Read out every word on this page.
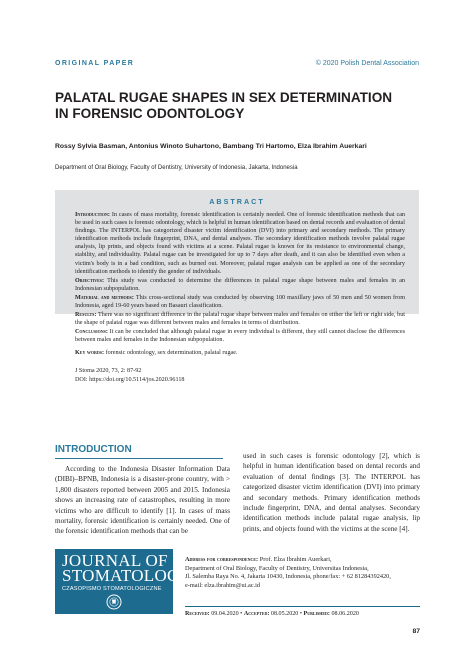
ORIGINAL PAPER	© 2020 Polish Dental Association
PALATAL RUGAE SHAPES IN SEX DETERMINATION
IN FORENSIC ODONTOLOGY
Rossy Sylvia Basman, Antonius Winoto Suhartono, Bambang Tri Hartomo, Elza Ibrahim Auerkari
Department of Oral Biology, Faculty of Dentistry, University of Indonesia, Jakarta, Indonesia
ABSTRACT

Introduction: In cases of mass mortality, forensic identification is certainly needed. One of forensic identification methods that can be used in such cases is forensic odontology, which is helpful in human identification based on dental records and evaluation of dental findings. The INTERPOL has categorized disaster victim identification (DVI) into primary and secondary methods. The primary identification methods include fingerprint, DNA, and dental analyses. The secondary identification methods involve palatal rugae analysis, lip prints, and objects found with victims at a scene. Palatal rugae is known for its resistance to environmental change, stability, and individuality. Palatal rugae can be investigated for up to 7 days after death, and it can also be identified even when a victim's body is in a bad condition, such as burned out. Moreover, palatal rugae analysis can be applied as one of the secondary identification methods to identify the gender of individuals.

Objectives: This study was conducted to determine the differences in palatal rugae shape between males and females in an Indonesian subpopulation.

Material and methods: This cross-sectional study was conducted by observing 100 maxillary jaws of 50 men and 50 women from Indonesia, aged 19-60 years based on Basauri classification.

Results: There was no significant difference in the palatal rugae shape between males and females on either the left or right side, but the shape of palatal rugae was different between males and females in terms of distribution.

Conclusions: It can be concluded that although palatal rugae in every individual is different, they still cannot disclose the differences between males and females in the Indonesian subpopulation.

Key words: forensic odontology, sex determination, palatal rugae.
J Stoma 2020, 73, 2: 87-92
DOI: https://doi.org/10.5114/jos.2020.96118
INTRODUCTION

According to the Indonesia Disaster Information Data (DIBI)–BPNB, Indonesia is a disaster-prone country, with > 1,800 disasters reported between 2005 and 2015. Indonesia shows an increasing rate of catastrophes, resulting in more victims who are difficult to identify [1]. In cases of mass mortality, forensic identification is certainly needed. One of the forensic identification methods that can be

used in such cases is forensic odontology [2], which is helpful in human identification based on dental records and evaluation of dental findings [3]. The INTERPOL has categorized disaster victim identification (DVI) into primary and secondary methods. Primary identification methods include fingerprint, DNA, and dental analyses. Secondary identification methods include palatal rugae analysis, lip prints, and objects found with the victims at the scene [4].
JOURNAL OF
STOMATOLOGY
CZASOPISMO STOMATOLOGICZNE
Address for correspondence: Prof. Elza Ibrahim Auerkari,
Department of Oral Biology, Faculty of Dentistry, Universitas Indonesia,
Jl. Salemba Raya No. 4, Jakarta 10430, Indonesia, phone/fax: + 62 81284392420,
e-mail: elza.ibrahim@ui.ac.id
Received: 09.04.2020 • Accepted: 08.05.2020 • Published: 08.06.2020
87
